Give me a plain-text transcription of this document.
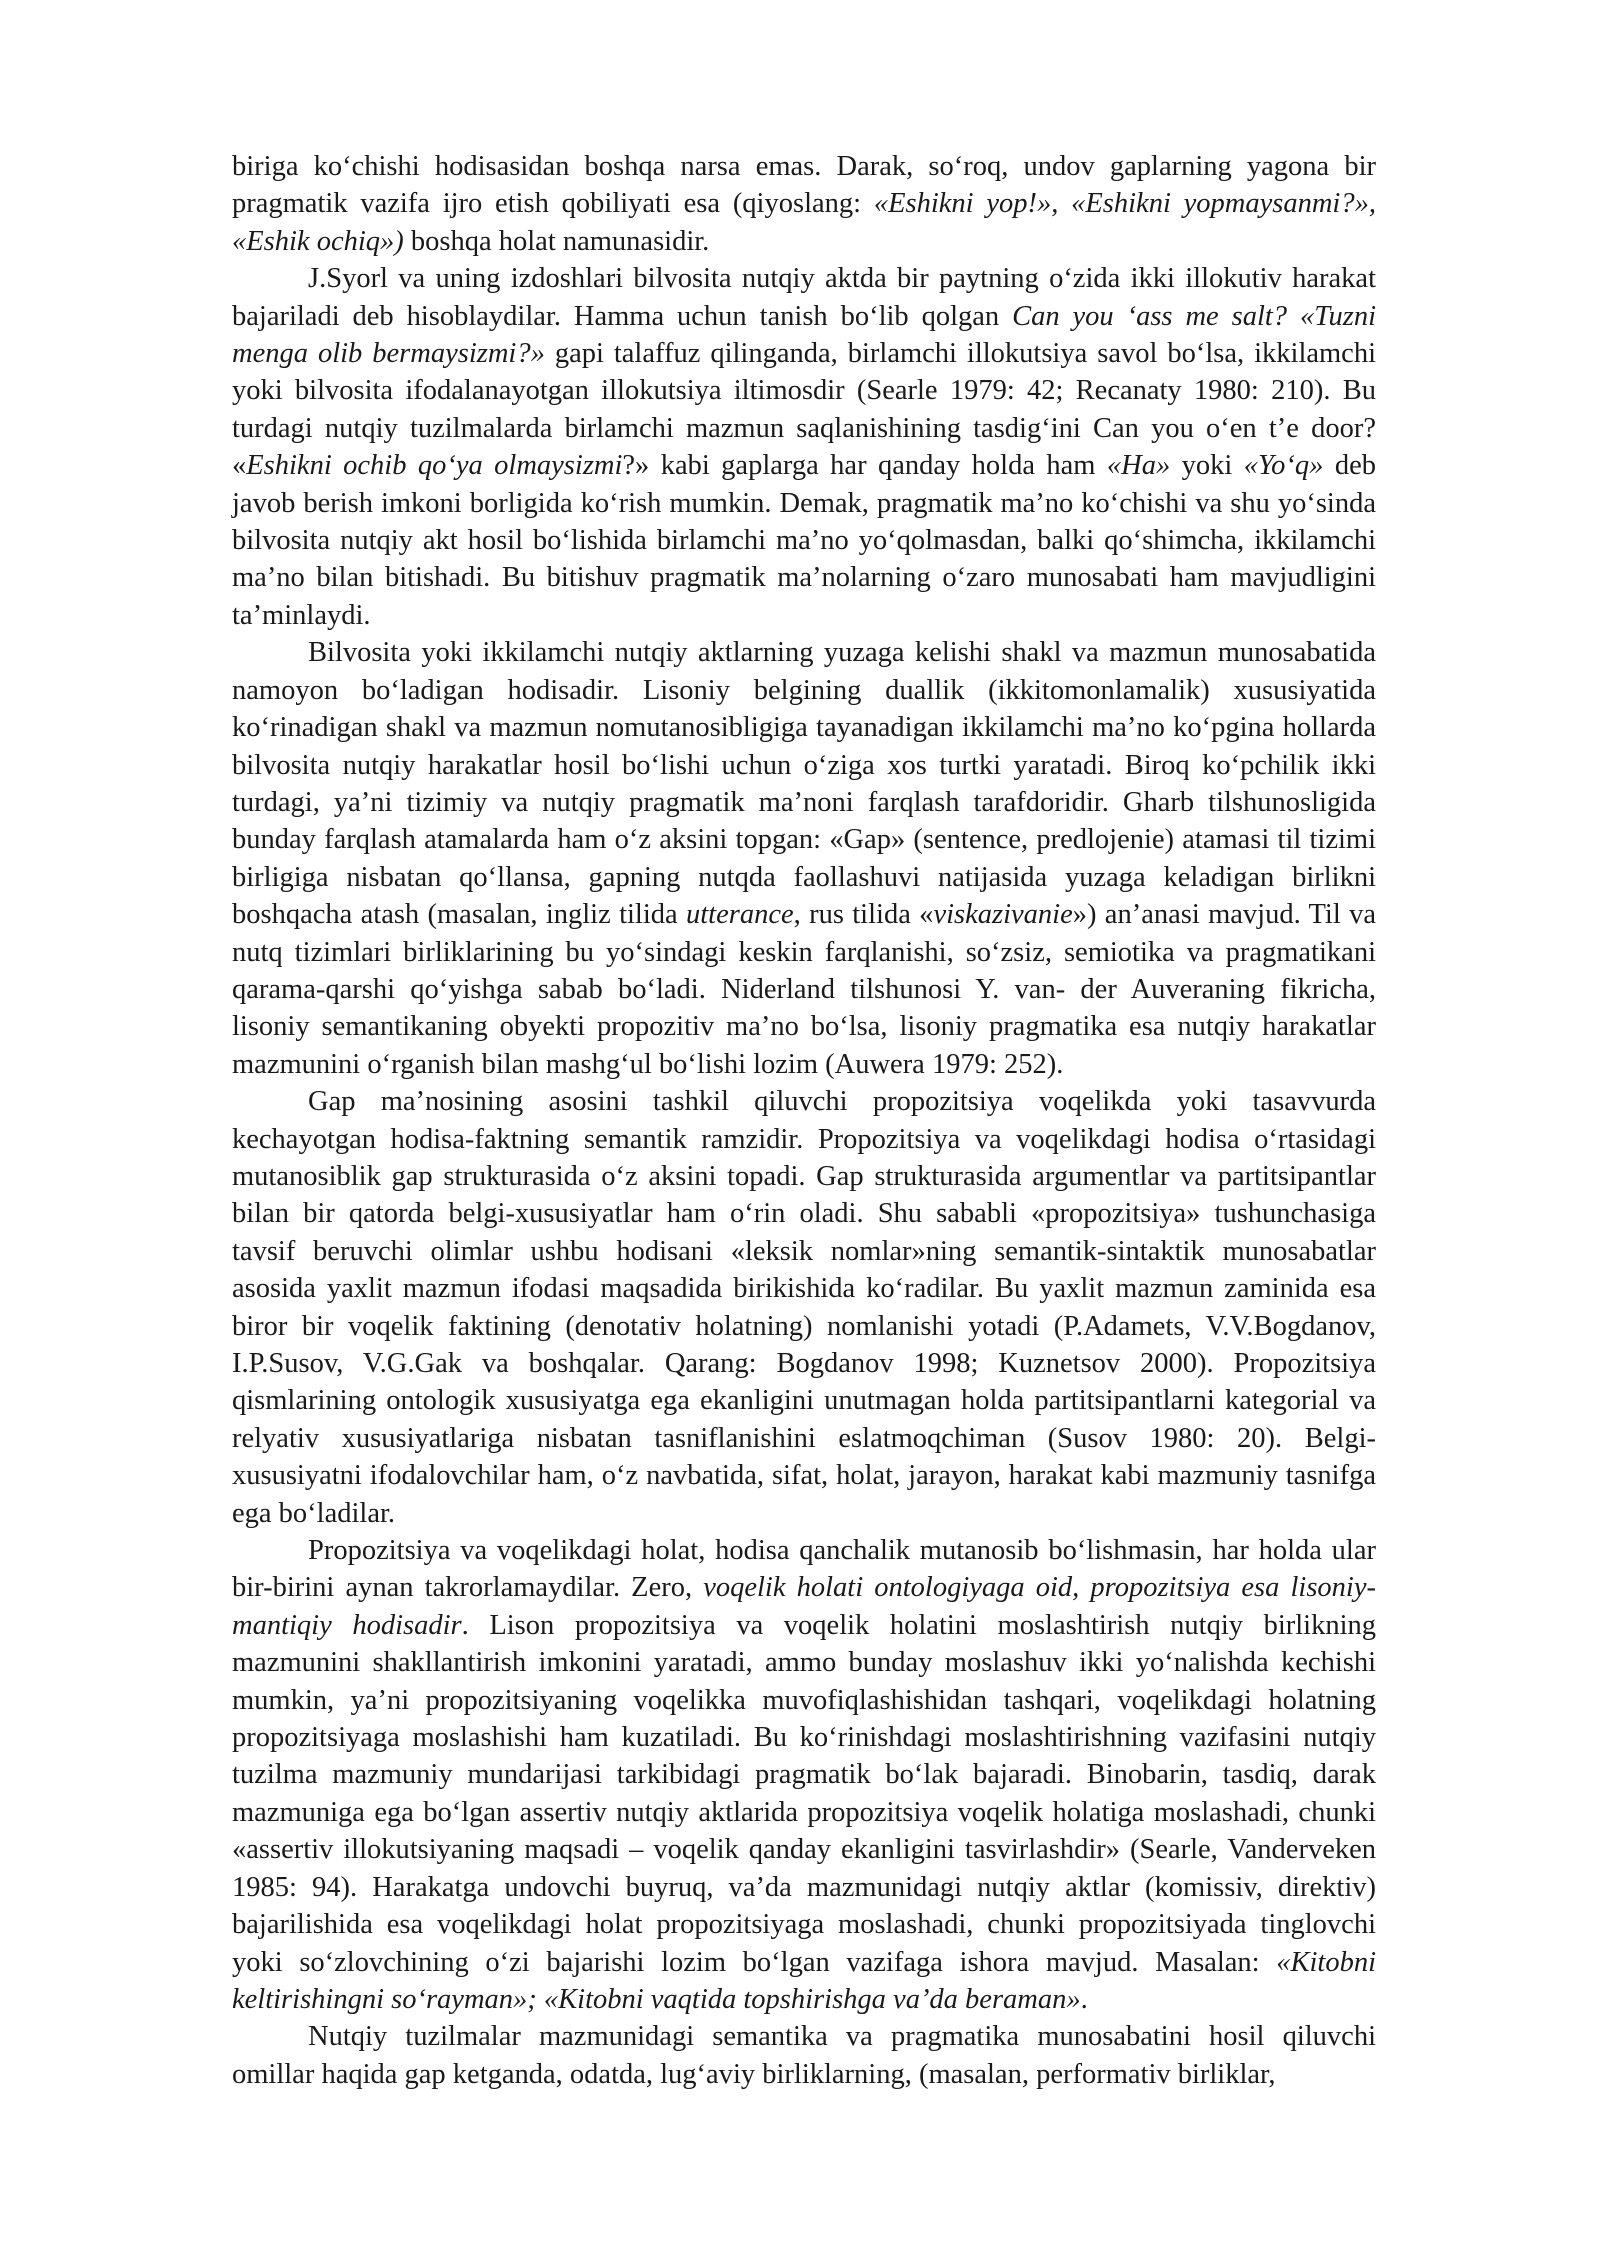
biriga ko‘chishi hodisasidan boshqa narsa emas. Darak, so‘roq, undov gaplarning yagona bir pragmatik vazifa ijro etish qobiliyati esa (qiyoslang: «Eshikni yop!», «Eshikni yopmaysanmi?», «Eshik ochiq») boshqa holat namunasidir.

J.Syorl va uning izdoshlari bilvosita nutqiy aktda bir paytning o‘zida ikki illokutiv harakat bajariladi deb hisoblaydilar. Hamma uchun tanish bo‘lib qolgan Can you ‘ass me salt? «Tuzni menga olib bermaysizmi?» gapi talaffuz qilinganda, birlamchi illokutsiya savol bo‘lsa, ikkilamchi yoki bilvosita ifodalanayotgan illokutsiya iltimosdir (Searle 1979: 42; Recanaty 1980: 210). Bu turdagi nutqiy tuzilmalarda birlamchi mazmun saqlanishining tasdig‘ini Can you o‘en t’e door? «Eshikni ochib qo‘ya olmaysizmi?» kabi gaplarga har qanday holda ham «Ha» yoki «Yo‘q» deb javob berish imkoni borligida ko‘rish mumkin. Demak, pragmatik ma’no ko‘chishi va shu yo‘sinda bilvosita nutqiy akt hosil bo‘lishida birlamchi ma’no yo‘qolmasdan, balki qo‘shimcha, ikkilamchi ma’no bilan bitishadi. Bu bitishuv pragmatik ma’nolarning o‘zaro munosabati ham mavjudligini ta’minlaydi.

Bilvosita yoki ikkilamchi nutqiy aktlarning yuzaga kelishi shakl va mazmun munosabatida namoyon bo‘ladigan hodisadir. Lisoniy belgining duallik (ikkitomonlamalik) xususiyatida ko‘rinadigan shakl va mazmun nomutanosibligiga tayanadigan ikkilamchi ma’no ko‘pgina hollarda bilvosita nutqiy harakatlar hosil bo‘lishi uchun o‘ziga xos turtki yaratadi. Biroq ko‘pchilik ikki turdagi, ya’ni tizimiy va nutqiy pragmatik ma’noni farqlash tarafdoridir. Gharb tilshunosligida bunday farqlash atamalarda ham o‘z aksini topgan: «Gap» (sentence, predlojenie) atamasi til tizimi birligiga nisbatan qo‘llansa, gapning nutqda faollashuvi natijasida yuzaga keladigan birlikni boshqacha atash (masalan, ingliz tilida utterance, rus tilida «viskazivanie») an’anasi mavjud. Til va nutq tizimlari birliklarining bu yo‘sindagi keskin farqlanishi, so‘zsiz, semiotika va pragmatikani qarama-qarshi qo‘yishga sabab bo‘ladi. Niderland tilshunosi Y. van- der Auveraning fikricha, lisoniy semantikaning obyekti propozitiv ma’no bo‘lsa, lisoniy pragmatika esa nutqiy harakatlar mazmunini o‘rganish bilan mashg‘ul bo‘lishi lozim (Auwera 1979: 252).

Gap ma’nosining asosini tashkil qiluvchi propozitsiya voqelikda yoki tasavvurda kechayotgan hodisa-faktning semantik ramzidir. Propozitsiya va voqelikdagi hodisa o‘rtasidagi mutanosiblik gap strukturasida o‘z aksini topadi. Gap strukturasida argumentlar va partitsipantlar bilan bir qatorda belgi-xususiyatlar ham o‘rin oladi. Shu sababli «propozitsiya» tushunchasiga tavsif beruvchi olimlar ushbu hodisani «leksik nomlar»ning semantik-sintaktik munosabatlar asosida yaxlit mazmun ifodasi maqsadida birikishida ko‘radilar. Bu yaxlit mazmun zaminida esa biror bir voqelik faktining (denotativ holatning) nomlanishi yotadi (P.Adamets, V.V.Bogdanov, I.P.Susov, V.G.Gak va boshqalar. Qarang: Bogdanov 1998; Kuznetsov 2000). Propozitsiya qismlarining ontologik xususiyatga ega ekanligini unutmagan holda partitsipantlarni kategorial va relyativ xususiyatlariga nisbatan tasniflanishini eslatmoqchiman (Susov 1980: 20). Belgi-xususiyatni ifodalovchilar ham, o‘z navbatida, sifat, holat, jarayon, harakat kabi mazmuniy tasnifga ega bo‘ladilar.

Propozitsiya va voqelikdagi holat, hodisa qanchalik mutanosib bo‘lishmasin, har holda ular bir-birini aynan takrorlamaydilar. Zero, voqelik holati ontologiyaga oid, propozitsiya esa lisoniy-mantiqiy hodisadir. Lison propozitsiya va voqelik holatini moslashtirish nutqiy birlikning mazmunini shakllantirish imkonini yaratadi, ammo bunday moslashuv ikki yo‘nalishda kechishi mumkin, ya’ni propozitsiyaning voqelikka muvofiqlashishidan tashqari, voqelikdagi holatning propozitsiyaga moslashishi ham kuzatiladi. Bu ko‘rinishdagi moslashtirishning vazifasini nutqiy tuzilma mazmuniy mundarijasi tarkibidagi pragmatik bo‘lak bajaradi. Binobarin, tasdiq, darak mazmuniga ega bo‘lgan assertiv nutqiy aktlarida propozitsiya voqelik holatiga moslashadi, chunki «assertiv illokutsiyaning maqsadi – voqelik qanday ekanligini tasvirlashdir» (Searle, Vanderveken 1985: 94). Harakatga undovchi buyruq, va’da mazmunidagi nutqiy aktlar (komissiv, direktiv) bajarilishida esa voqelikdagi holat propozitsiyaga moslashadi, chunki propozitsiyada tinglovchi yoki so‘zlovchining o‘zi bajarishi lozim bo‘lgan vazifaga ishora mavjud. Masalan: «Kitobni keltirishingni so‘rayman»; «Kitobni vaqtida topshirishga va’da beraman».

Nutqiy tuzilmalar mazmunidagi semantika va pragmatika munosabatini hosil qiluvchi omillar haqida gap ketganda, odatda, lug‘aviy birliklarning, (masalan, performativ birliklar,
